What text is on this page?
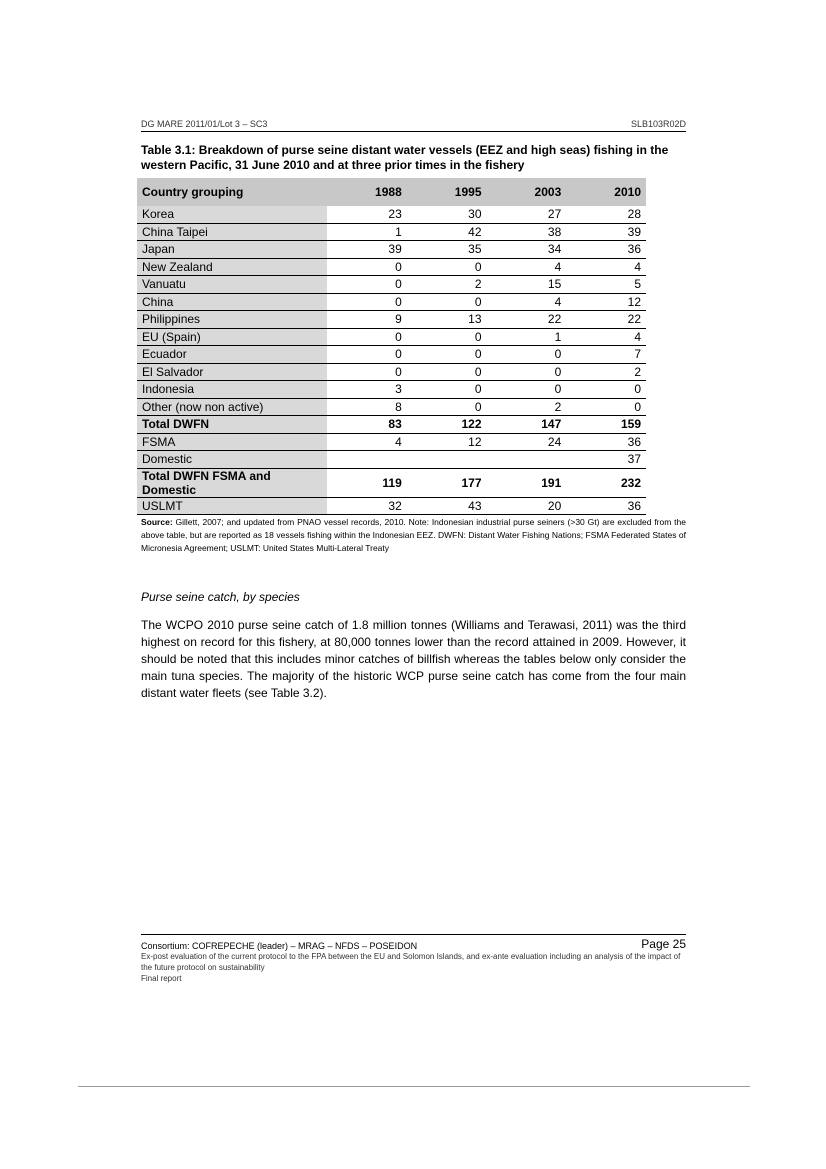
DG MARE 2011/01/Lot 3 – SC3	SLB103R02D
Table 3.1: Breakdown of purse seine distant water vessels (EEZ and high seas) fishing in the western Pacific, 31 June 2010 and at three prior times in the fishery
Country grouping	1988	1995	2003	2010
Korea	23	30	27	28
China Taipei	1	42	38	39
Japan	39	35	34	36
New Zealand	0	0	4	4
Vanuatu	0	2	15	5
China	0	0	4	12
Philippines	9	13	22	22
EU (Spain)	0	0	1	4
Ecuador	0	0	0	7
El Salvador	0	0	0	2
Indonesia	3	0	0	0
Other (now non active)	8	0	2	0
Total DWFN	83	122	147	159
FSMA	4	12	24	36
Domestic				37
Total DWFN FSMA and Domestic	119	177	191	232
USLMT	32	43	20	36
Source: Gillett, 2007; and updated from PNAO vessel records, 2010. Note: Indonesian industrial purse seiners (>30 Gt) are excluded from the above table, but are reported as 18 vessels fishing within the Indonesian EEZ. DWFN: Distant Water Fishing Nations; FSMA Federated States of Micronesia Agreement; USLMT: United States Multi-Lateral Treaty
Purse seine catch, by species
The WCPO 2010 purse seine catch of 1.8 million tonnes (Williams and Terawasi, 2011) was the third highest on record for this fishery, at 80,000 tonnes lower than the record attained in 2009. However, it should be noted that this includes minor catches of billfish whereas the tables below only consider the main tuna species. The majority of the historic WCP purse seine catch has come from the four main distant water fleets (see Table 3.2).
Consortium: COFREPECHE (leader) – MRAG – NFDS – POSEIDON	Page 25
Ex-post evaluation of the current protocol to the FPA between the EU and Solomon Islands, and ex-ante evaluation including an analysis of the impact of the future protocol on sustainability
Final report
